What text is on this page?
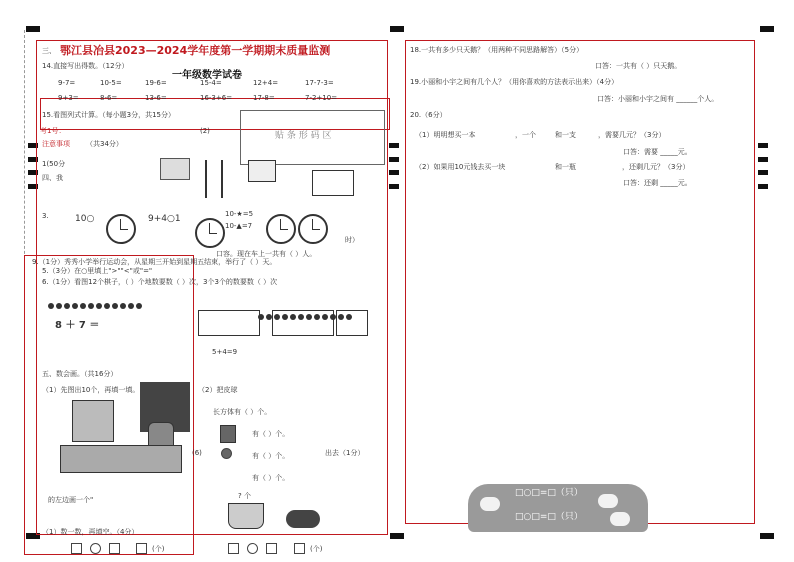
三、 鄂江县冶县2023—2024学年度第一学期期末质量监测
一年级数学试卷
14.直接写出得数。（12分）
9-7=	10-5=	19-6=	15-4=	12+4=	17-7-3=
9+3=	8-6=	13-6=	16-3+6=	17-8=	7-2+10=
15.看图列式计算。（每小题3分，共15分）
考1号：	(2)	贴 条 形 码 区
注意事项 （共34分）
1(50分
四、我
3.	10○	9+4○1	10-★=5
10-▲=7
时）
口容。现在车上一共有（ ）人。
9.（1分）秀秀小学举行运动会，从星期三开始到星期五结束，举行了（ ）天。
5.（3分）在○里填上">""<"或"="
6.（1分）看图12个棋子，（ ）个地数要数（ ）次，3个3个的数要数（ ）次
8 ＋ 7 ＝
5+4=9
五、数会画。（共16分）
（1）先图出10个，再填一填。	（2）把皮球
长方体有（ ）个。
有（ ）个。
有（ ）个。
有（ ）个。
出去（1分）
(6)
的左边画一个"
（1）数一数，再填空。（4分）
? 个
(个)	(个)
18.一共有多少只天鹅？（用两种不同思路解答）（5分）
口答：一共有（ ）只天鹅。
19.小丽和小宇之间有几个人？（用你喜欢的方法表示出来）（4分）
口答：小丽和小宇之间有 ______个人。
20.（6分）
（1）明明想买一本	，一个	和一支	，需要几元？（3分）
口答：需要 _____元。
（2）如果用10元钱去买一块	和一瓶	，还剩几元？（3分）
口答：还剩 _____元。
□○□=□（只）
□○□=□（只）
